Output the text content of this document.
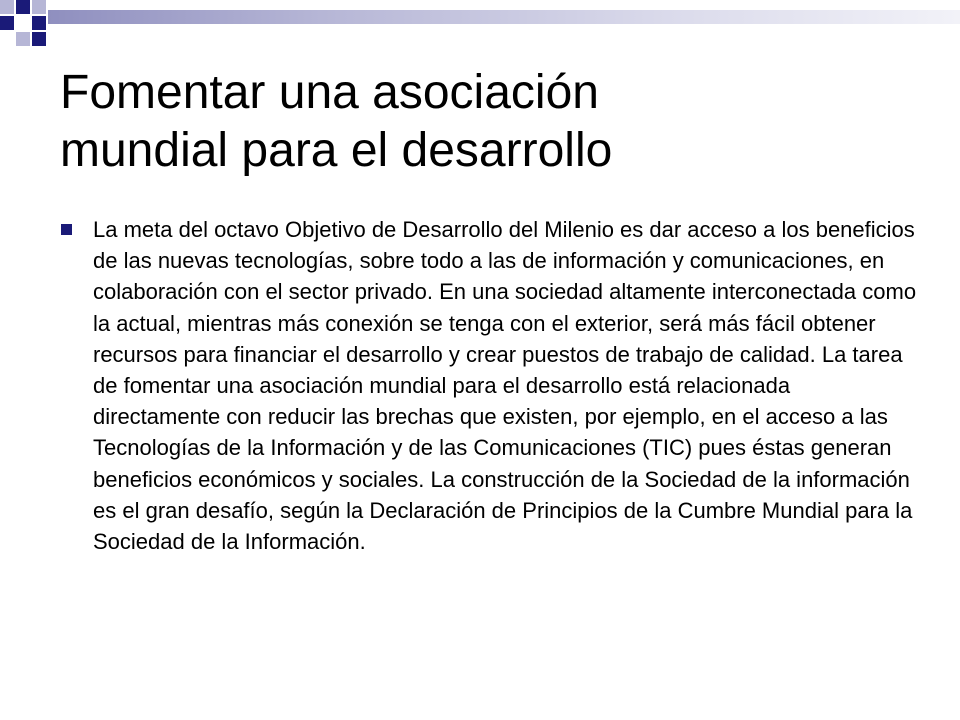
Fomentar una asociación
mundial para el desarrollo
La meta del octavo Objetivo de Desarrollo del Milenio es dar acceso a los beneficios de las nuevas tecnologías, sobre todo a las de información y comunicaciones, en colaboración con el sector privado. En una sociedad altamente interconectada como la actual, mientras más conexión se tenga con el exterior, será más fácil obtener recursos para financiar el desarrollo y crear puestos de trabajo de calidad. La tarea de fomentar una asociación mundial para el desarrollo está relacionada directamente con reducir las brechas que existen, por ejemplo, en el acceso a las Tecnologías de la Información y de las Comunicaciones (TIC) pues éstas generan beneficios económicos y sociales. La construcción de la Sociedad de la información es el gran desafío, según la Declaración de Principios de la Cumbre Mundial para la Sociedad de la Información.
